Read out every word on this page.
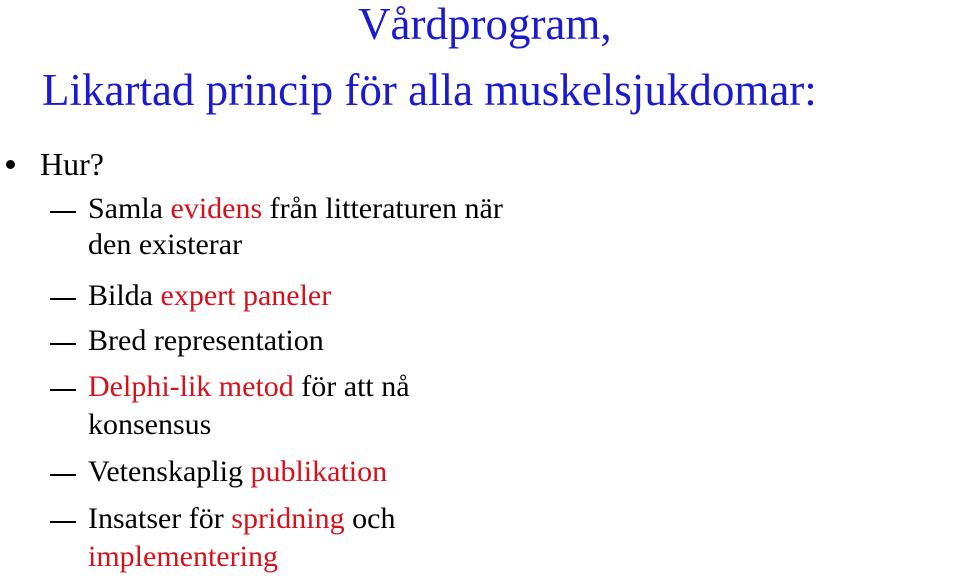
Vårdprogram,
Likartad princip för alla muskelsjukdomar:
Hur?
Samla evidens från litteraturen när
den existerar
Bilda expert paneler
Bred representation
Delphi-lik metod för att nå
konsensus
Vetenskaplig publikation
Insatser för spridning och
implementering
